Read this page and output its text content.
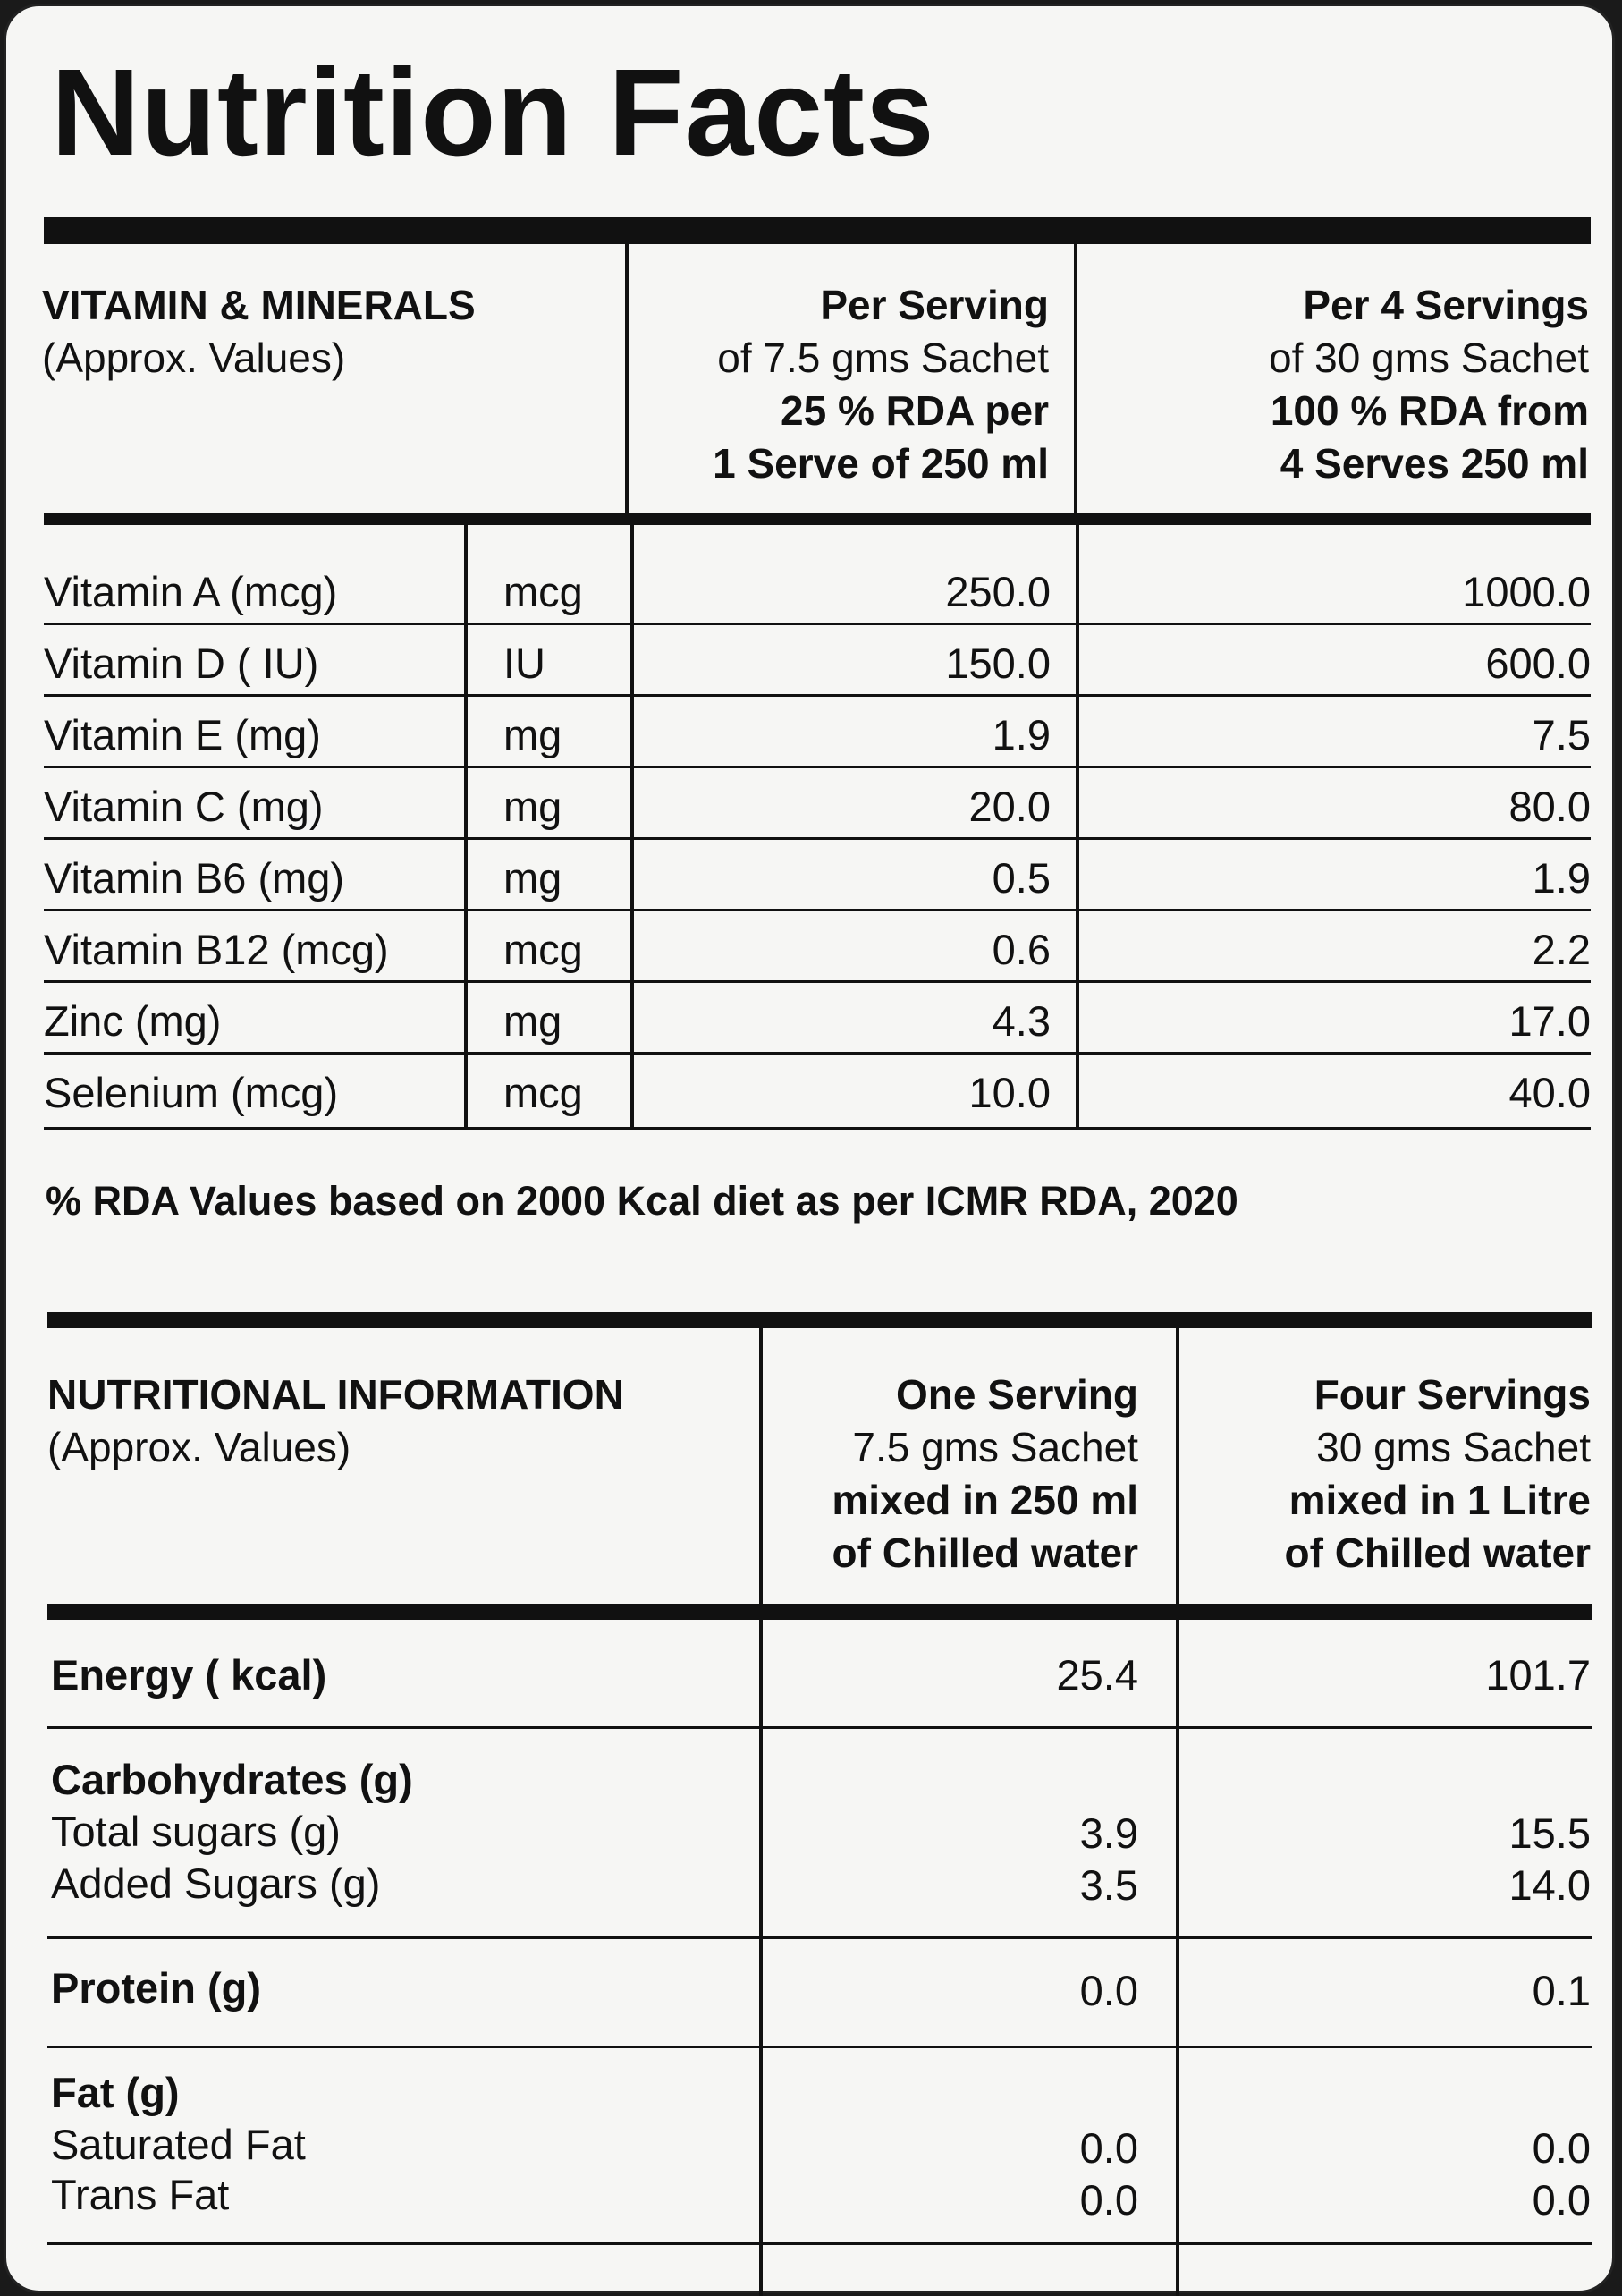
Nutrition Facts
VITAMIN & MINERALS
(Approx. Values)
Per Serving
of 7.5 gms Sachet
25 % RDA per
1 Serve of 250 ml
Per 4 Servings
of 30 gms Sachet
100 % RDA from
4 Serves 250 ml
Vitamin A (mcg)	mcg	250.0	1000.0
Vitamin D ( IU)	IU	150.0	600.0
Vitamin E (mg)	mg	1.9	7.5
Vitamin C (mg)	mg	20.0	80.0
Vitamin B6 (mg)	mg	0.5	1.9
Vitamin B12 (mcg)	mcg	0.6	2.2
Zinc (mg)	mg	4.3	17.0
Selenium (mcg)	mcg	10.0	40.0
% RDA Values based on 2000 Kcal diet as per ICMR RDA, 2020
NUTRITIONAL INFORMATION
(Approx. Values)
One Serving
7.5 gms Sachet
mixed in 250 ml
of Chilled water
Four Servings
30 gms Sachet
mixed in 1 Litre
of Chilled water
Energy ( kcal)	25.4	101.7
Carbohydrates (g)
Total sugars (g)	3.9	15.5
Added Sugars (g)	3.5	14.0
Protein (g)	0.0	0.1
Fat (g)
Saturated Fat	0.0	0.0
Trans Fat	0.0	0.0
